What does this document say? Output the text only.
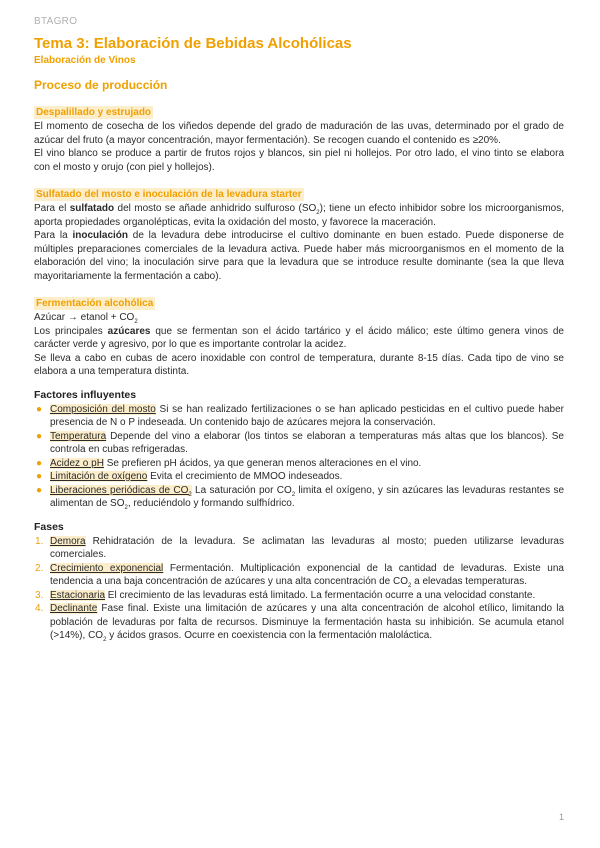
BTAGRO
Tema 3: Elaboración de Bebidas Alcohólicas
Elaboración de Vinos
Proceso de producción
Despalillado y estrujado

El momento de cosecha de los viñedos depende del grado de maduración de las uvas, determinado por el grado de azúcar del fruto (a mayor concentración, mayor fermentación). Se recogen cuando el contenido es ≥20%.

El vino blanco se produce a partir de frutos rojos y blancos, sin piel ni hollejos. Por otro lado, el vino tinto se elabora con el mosto y orujo (con piel y hollejos).

Sulfatado del mosto e inoculación de la levadura starter

Para el sulfatado del mosto se añade anhidrido sulfuroso $(SO_2)$; tiene un efecto inhibidor sobre los microorganismos, aporta propiedades organolépticas, evita la oxidación del mosto, y favorece la maceración.

Para la inoculación de la levadura debe introducirse el cultivo dominante en buen estado. Puede disponerse de múltiples preparaciones comerciales de la levadura activa. Puede haber más microorganismos en el momento de la elaboración del vino; la inoculación sirve para que la levadura que se introduce resulte dominante (sea la que lleva mayoritariamente la fermentación a cabo).

Fermentación alcohólica

Azúcar → etanol + $CO_2$

Los principales azúcares que se fermentan son el ácido tartárico y el ácido málico; este último genera vinos de carácter verde y agresivo, por lo que es importante controlar la acidez.

Se lleva a cabo en cubas de acero inoxidable con control de temperatura, durante 8-15 días. Cada tipo de vino se elabora a una temperatura distinta.

Factores influyentes
● Composición del mosto Si se han realizado fertilizaciones o se han aplicado pesticidas en el cultivo puede haber presencia de N o P indeseada. Un contenido bajo de azúcares mejora la conservación.
● Temperatura Depende del vino a elaborar (los tintos se elaboran a temperaturas más altas que los blancos). Se controla en cubas refrigeradas.
● Acidez o pH Se prefieren pH ácidos, ya que generan menos alteraciones en el vino.
● Limitación de oxígeno Evita el crecimiento de MMOO indeseados.
● Liberaciones periódicas de $CO_2$ La saturación por $CO_2$ limita el oxígeno, y sin azúcares las levaduras restantes se alimentan de $SO_2$, reduciéndolo y formando sulfhídrico.
Fases
1. Demora Rehidratación de la levadura. Se aclimatan las levaduras al mosto; pueden utilizarse levaduras comerciales.
2. Crecimiento exponencial Fermentación. Multiplicación exponencial de la cantidad de levaduras. Existe una tendencia a una baja concentración de azúcares y una alta concentración de $CO_2$ a elevadas temperaturas.
3. Estacionaria El crecimiento de las levaduras está limitado. La fermentación ocurre a una velocidad constante.
4. Declinante Fase final. Existe una limitación de azúcares y una alta concentración de alcohol etílico, limitando la población de levaduras por falta de recursos. Disminuye la fermentación hasta su inhibición. Se acumula etanol (>14%), $CO_2$ y ácidos grasos. Ocurre en coexistencia con la fermentación maloláctica.
1
